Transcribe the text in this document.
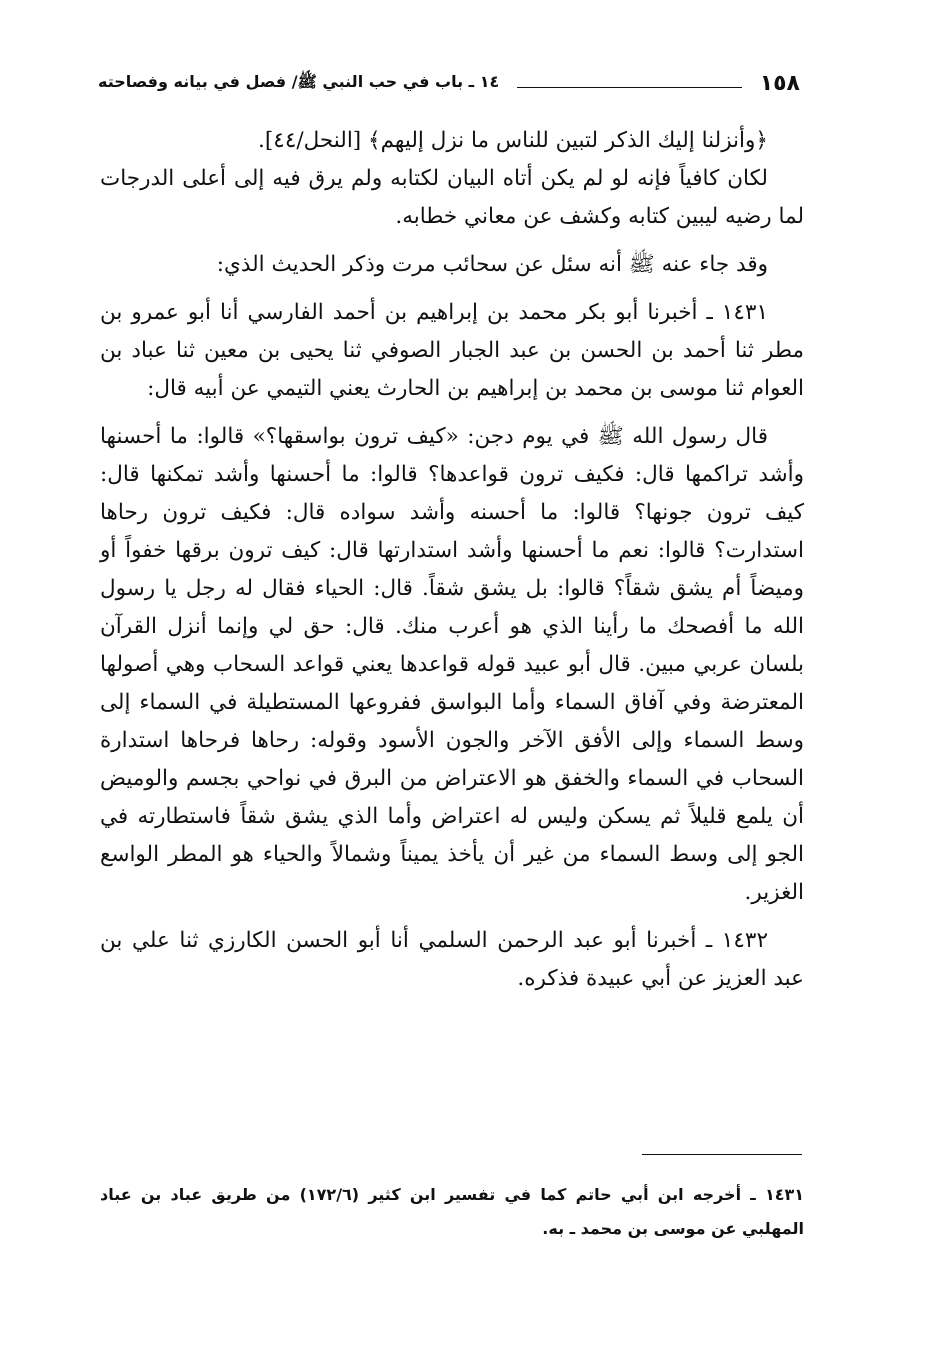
١٥٨
١٤ ـ باب في حب النبي ﷺ/ فصل في بيانه وفصاحته

﴿وأنزلنا إليك الذكر لتبين للناس ما نزل إليهم﴾ [النحل/٤٤].

لكان كافياً فإنه لو لم يكن أتاه البيان لكتابه ولم يرق فيه إلى أعلى الدرجات لما رضيه ليبين كتابه وكشف عن معاني خطابه.

وقد جاء عنه ﷺ أنه سئل عن سحائب مرت وذكر الحديث الذي:

١٤٣١ ـ أخبرنا أبو بكر محمد بن إبراهيم بن أحمد الفارسي أنا أبو عمرو بن مطر ثنا أحمد بن الحسن بن عبد الجبار الصوفي ثنا يحيى بن معين ثنا عباد بن العوام ثنا موسى بن محمد بن إبراهيم بن الحارث يعني التيمي عن أبيه قال:

قال رسول الله ﷺ في يوم دجن: «كيف ترون بواسقها؟» قالوا: ما أحسنها وأشد تراكمها قال: فكيف ترون قواعدها؟ قالوا: ما أحسنها وأشد تمكنها قال: كيف ترون جونها؟ قالوا: ما أحسنه وأشد سواده قال: فكيف ترون رحاها استدارت؟ قالوا: نعم ما أحسنها وأشد استدارتها قال: كيف ترون برقها خفواً أو وميضاً أم يشق شقاً؟ قالوا: بل يشق شقاً. قال: الحياء فقال له رجل يا رسول الله ما أفصحك ما رأينا الذي هو أعرب منك. قال: حق لي وإنما أنزل القرآن بلسان عربي مبين. قال أبو عبيد قوله قواعدها يعني قواعد السحاب وهي أصولها المعترضة وفي آفاق السماء وأما البواسق ففروعها المستطيلة في السماء إلى وسط السماء وإلى الأفق الآخر والجون الأسود وقوله: رحاها فرحاها استدارة السحاب في السماء والخفق هو الاعتراض من البرق في نواحي بجسم والوميض أن يلمع قليلاً ثم يسكن وليس له اعتراض وأما الذي يشق شقاً فاستطارته في الجو إلى وسط السماء من غير أن يأخذ يميناً وشمالاً والحياء هو المطر الواسع الغزير.

١٤٣٢ ـ أخبرنا أبو عبد الرحمن السلمي أنا أبو الحسن الكارزي ثنا علي بن عبد العزيز عن أبي عبيدة فذكره.

١٤٣١ ـ أخرجه ابن أبي حاتم كما في تفسير ابن كثير (١٧٢/٦) من طريق عباد بن عباد المهلبي عن موسى بن محمد ـ به.
